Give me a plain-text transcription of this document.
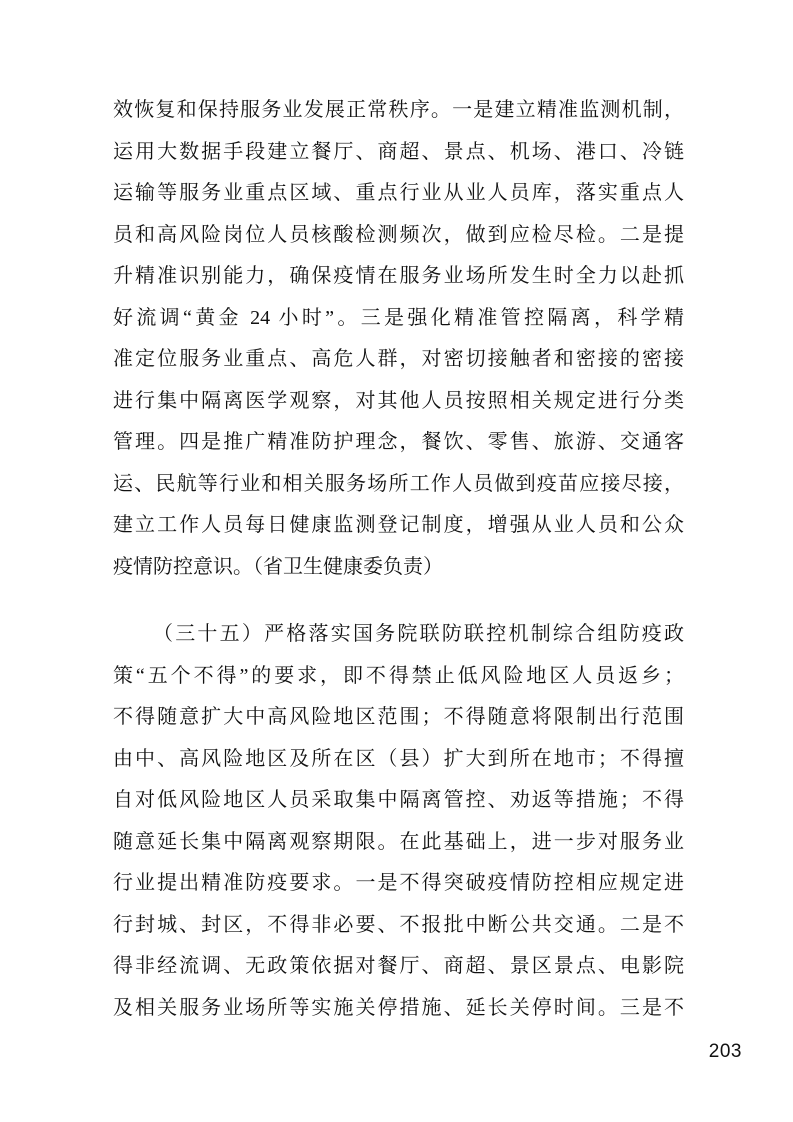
效恢复和保持服务业发展正常秩序。一是建立精准监测机制，
运用大数据手段建立餐厅、商超、景点、机场、港口、冷链
运输等服务业重点区域、重点行业从业人员库，落实重点人
员和高风险岗位人员核酸检测频次，做到应检尽检。二是提
升精准识别能力，确保疫情在服务业场所发生时全力以赴抓
好流调“黄金 24 小时”。三是强化精准管控隔离，科学精
准定位服务业重点、高危人群，对密切接触者和密接的密接
进行集中隔离医学观察，对其他人员按照相关规定进行分类
管理。四是推广精准防护理念，餐饮、零售、旅游、交通客
运、民航等行业和相关服务场所工作人员做到疫苗应接尽接，
建立工作人员每日健康监测登记制度，增强从业人员和公众
疫情防控意识。（省卫生健康委负责）
（三十五）严格落实国务院联防联控机制综合组防疫政
策“五个不得”的要求，即不得禁止低风险地区人员返乡；
不得随意扩大中高风险地区范围；不得随意将限制出行范围
由中、高风险地区及所在区（县）扩大到所在地市；不得擅
自对低风险地区人员采取集中隔离管控、劝返等措施；不得
随意延长集中隔离观察期限。在此基础上，进一步对服务业
行业提出精准防疫要求。一是不得突破疫情防控相应规定进
行封城、封区，不得非必要、不报批中断公共交通。二是不
得非经流调、无政策依据对餐厅、商超、景区景点、电影院
及相关服务业场所等实施关停措施、延长关停时间。三是不
203
